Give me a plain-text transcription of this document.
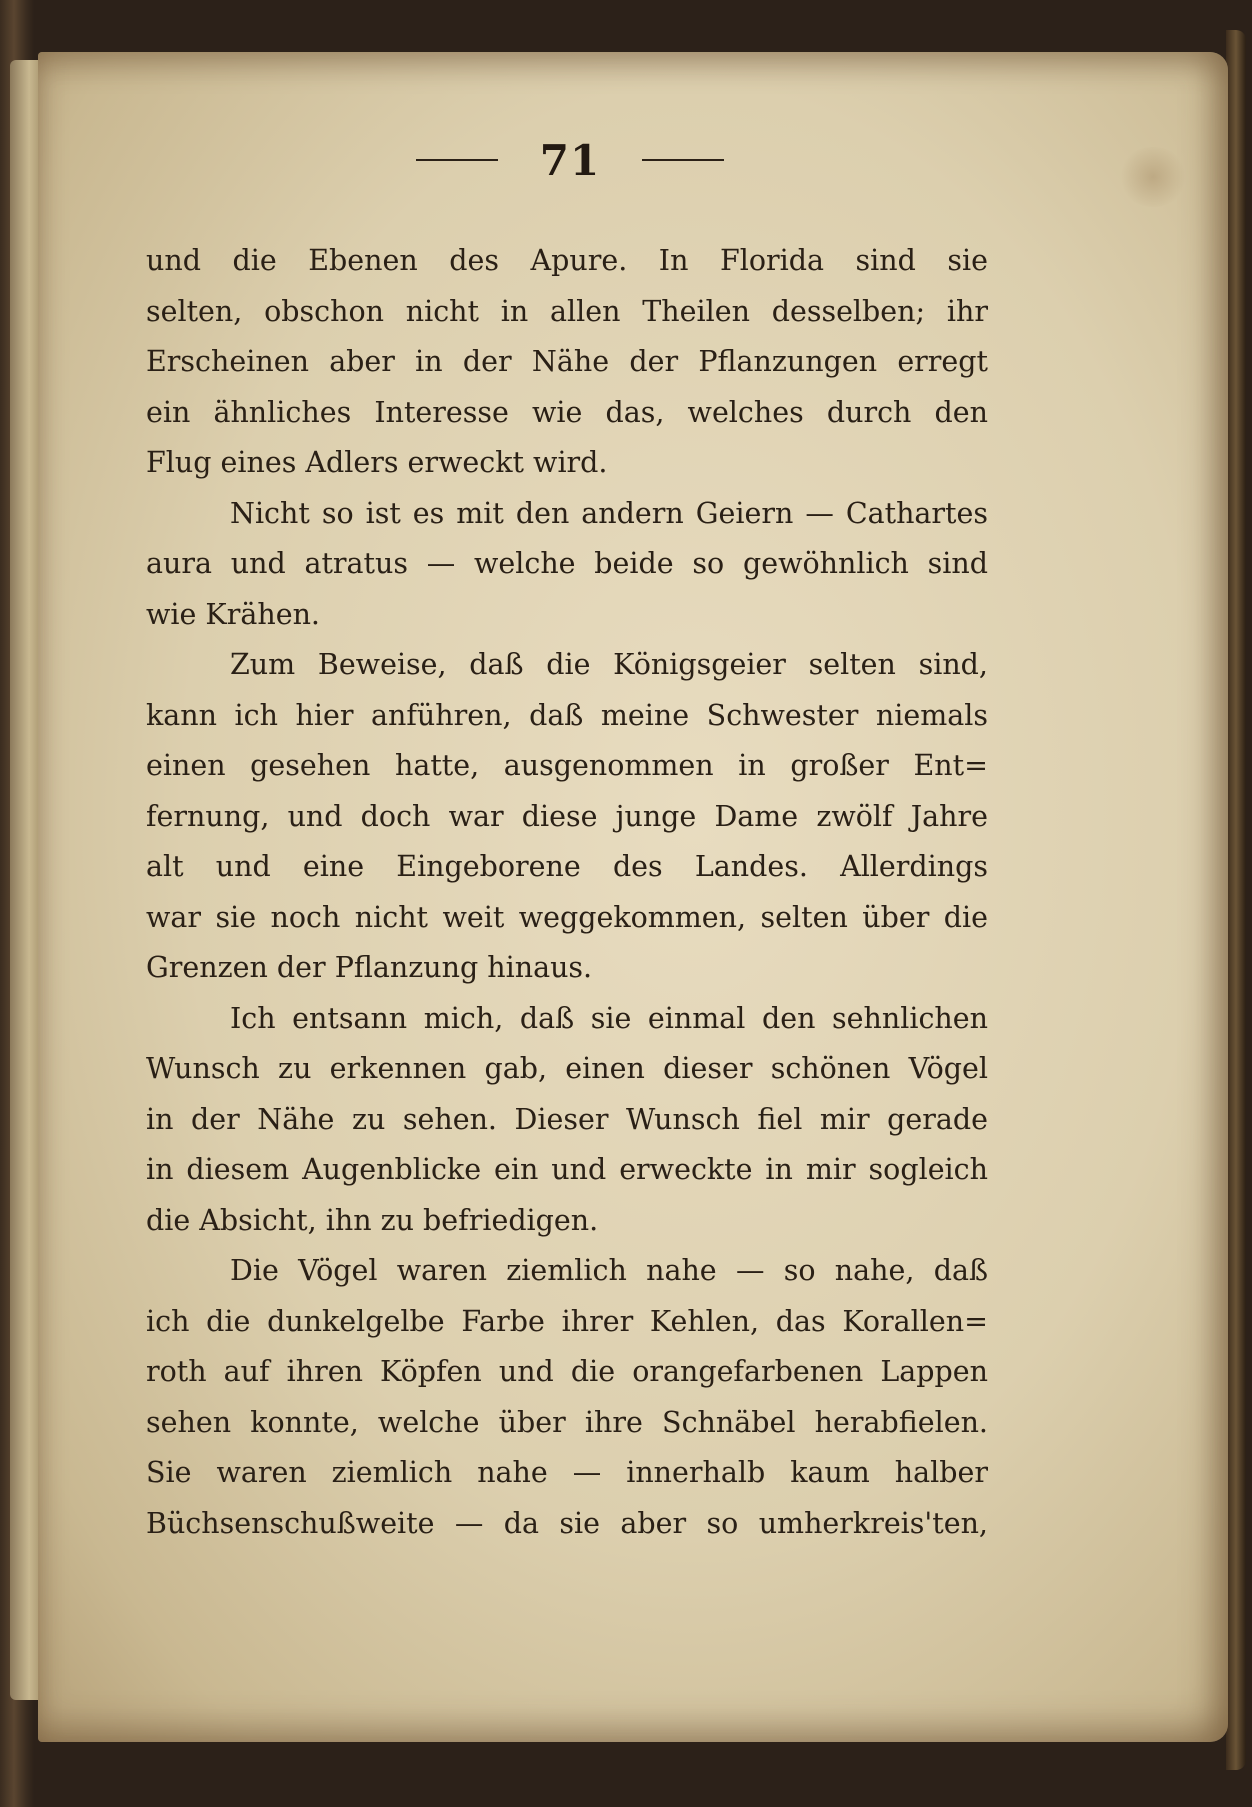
71
und die Ebenen des Apure. In Florida sind sie
selten, obschon nicht in allen Theilen desselben; ihr
Erscheinen aber in der Nähe der Pflanzungen erregt
ein ähnliches Interesse wie das, welches durch den
Flug eines Adlers erweckt wird.
Nicht so ist es mit den andern Geiern — Cathartes
aura und atratus — welche beide so gewöhnlich sind
wie Krähen.
Zum Beweise, daß die Königsgeier selten sind,
kann ich hier anführen, daß meine Schwester niemals
einen gesehen hatte, ausgenommen in großer Ent=
fernung, und doch war diese junge Dame zwölf Jahre
alt und eine Eingeborene des Landes. Allerdings
war sie noch nicht weit weggekommen, selten über die
Grenzen der Pflanzung hinaus.
Ich entsann mich, daß sie einmal den sehnlichen
Wunsch zu erkennen gab, einen dieser schönen Vögel
in der Nähe zu sehen. Dieser Wunsch fiel mir gerade
in diesem Augenblicke ein und erweckte in mir sogleich
die Absicht, ihn zu befriedigen.
Die Vögel waren ziemlich nahe — so nahe, daß
ich die dunkelgelbe Farbe ihrer Kehlen, das Korallen=
roth auf ihren Köpfen und die orangefarbenen Lappen
sehen konnte, welche über ihre Schnäbel herabfielen.
Sie waren ziemlich nahe — innerhalb kaum halber
Büchsenschußweite — da sie aber so umherkreis'ten,
